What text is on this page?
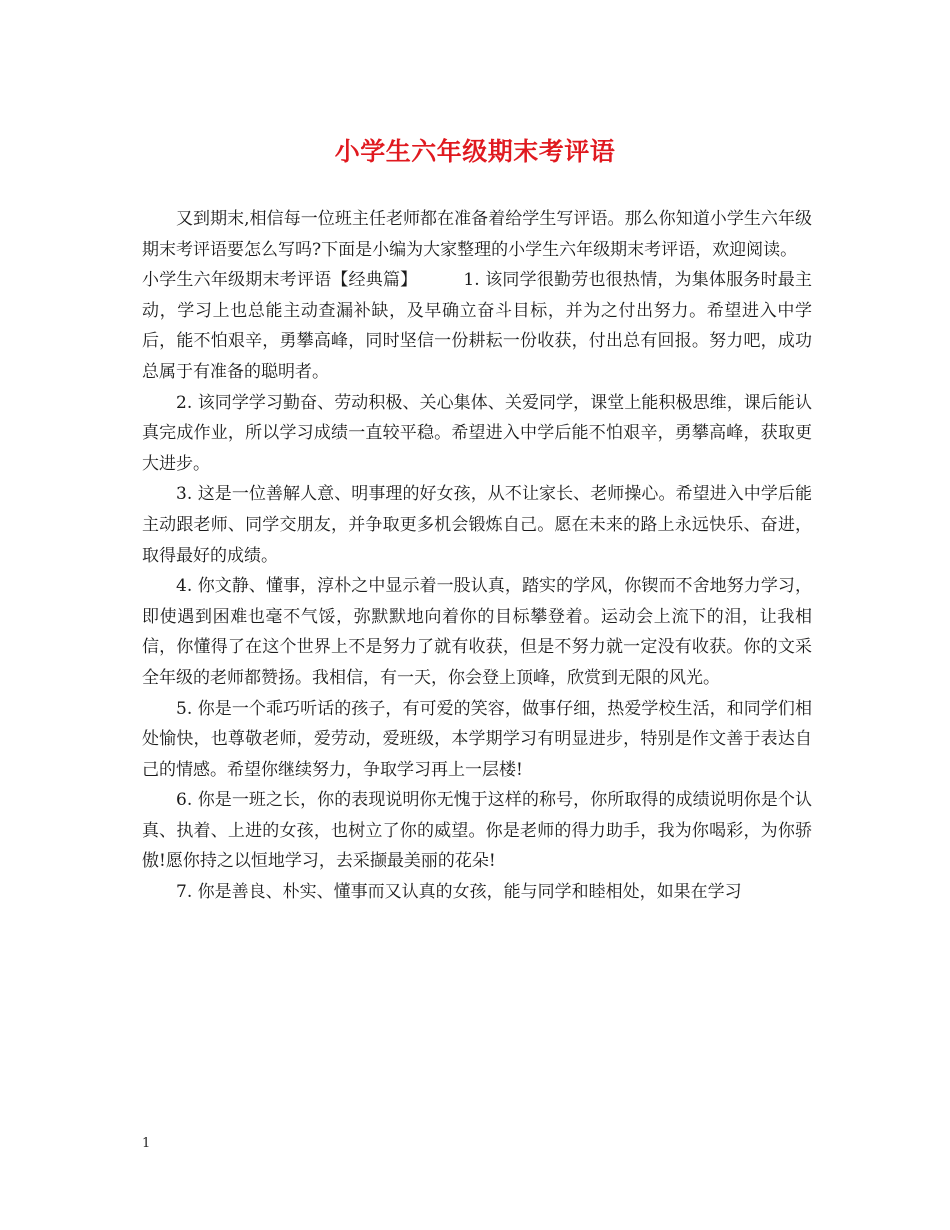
小学生六年级期末考评语

又到期末,相信每一位班主任老师都在准备着给学生写评语。那么你知道小学生六年级期末考评语要怎么写吗?下面是小编为大家整理的小学生六年级期末考评语，欢迎阅读。

小学生六年级期末考评语【经典篇】	1. 该同学很勤劳也很热情，为集体服务时最主动，学习上也总能主动查漏补缺，及早确立奋斗目标，并为之付出努力。希望进入中学后，能不怕艰辛，勇攀高峰，同时坚信一份耕耘一份收获，付出总有回报。努力吧，成功总属于有准备的聪明者。

2. 该同学学习勤奋、劳动积极、关心集体、关爱同学，课堂上能积极思维，课后能认真完成作业，所以学习成绩一直较平稳。希望进入中学后能不怕艰辛，勇攀高峰，获取更大进步。

3. 这是一位善解人意、明事理的好女孩，从不让家长、老师操心。希望进入中学后能主动跟老师、同学交朋友，并争取更多机会锻炼自己。愿在未来的路上永远快乐、奋进，取得最好的成绩。

4. 你文静、懂事，淳朴之中显示着一股认真，踏实的学风，你锲而不舍地努力学习，即使遇到困难也毫不气馁，弥默默地向着你的目标攀登着。运动会上流下的泪，让我相信，你懂得了在这个世界上不是努力了就有收获，但是不努力就一定没有收获。你的文采全年级的老师都赞扬。我相信，有一天，你会登上顶峰，欣赏到无限的风光。

5. 你是一个乖巧听话的孩子，有可爱的笑容，做事仔细，热爱学校生活，和同学们相处愉快，也尊敬老师，爱劳动，爱班级，本学期学习有明显进步，特别是作文善于表达自己的情感。希望你继续努力，争取学习再上一层楼!

6. 你是一班之长，你的表现说明你无愧于这样的称号，你所取得的成绩说明你是个认真、执着、上进的女孩，也树立了你的威望。你是老师的得力助手，我为你喝彩，为你骄傲!愿你持之以恒地学习，去采撷最美丽的花朵!

7. 你是善良、朴实、懂事而又认真的女孩，能与同学和睦相处，如果在学习

1
